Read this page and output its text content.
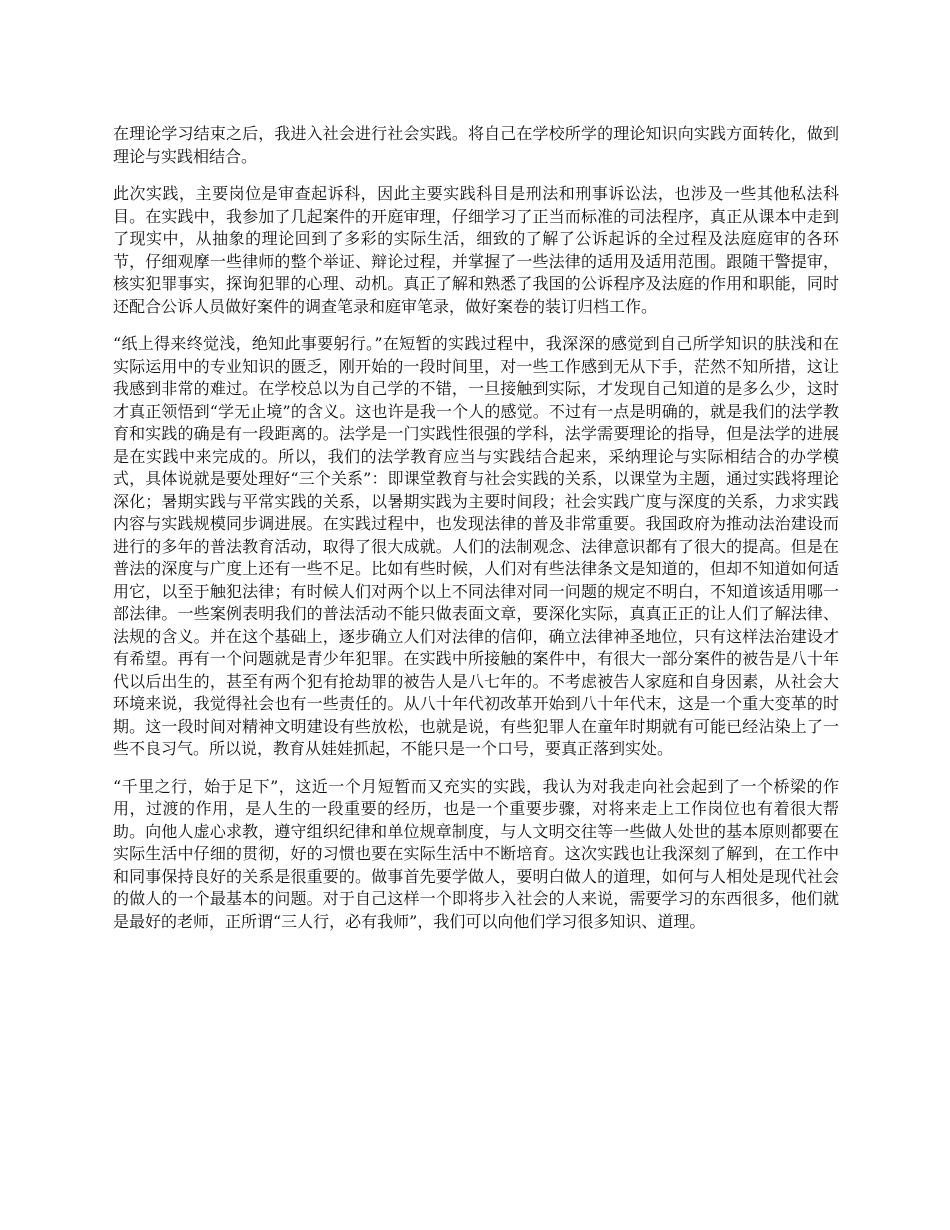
在理论学习结束之后，我进入社会进行社会实践。将自己在学校所学的理论知识向实践方面转化，做到理论与实践相结合。

此次实践，主要岗位是审查起诉科，因此主要实践科目是刑法和刑事诉讼法，也涉及一些其他私法科目。在实践中，我参加了几起案件的开庭审理，仔细学习了正当而标准的司法程序，真正从课本中走到了现实中，从抽象的理论回到了多彩的实际生活，细致的了解了公诉起诉的全过程及法庭庭审的各环节，仔细观摩一些律师的整个举证、辩论过程，并掌握了一些法律的适用及适用范围。跟随干警提审，核实犯罪事实，探询犯罪的心理、动机。真正了解和熟悉了我国的公诉程序及法庭的作用和职能，同时还配合公诉人员做好案件的调查笔录和庭审笔录，做好案卷的装订归档工作。

“纸上得来终觉浅，绝知此事要躬行。”在短暂的实践过程中，我深深的感觉到自己所学知识的肤浅和在实际运用中的专业知识的匮乏，刚开始的一段时间里，对一些工作感到无从下手，茫然不知所措，这让我感到非常的难过。在学校总以为自己学的不错，一旦接触到实际，才发现自己知道的是多么少，这时才真正领悟到“学无止境”的含义。这也许是我一个人的感觉。不过有一点是明确的，就是我们的法学教育和实践的确是有一段距离的。法学是一门实践性很强的学科，法学需要理论的指导，但是法学的进展是在实践中来完成的。所以，我们的法学教育应当与实践结合起来，采纳理论与实际相结合的办学模式，具体说就是要处理好“三个关系”：即课堂教育与社会实践的关系，以课堂为主题，通过实践将理论深化；暑期实践与平常实践的关系，以暑期实践为主要时间段；社会实践广度与深度的关系，力求实践内容与实践规模同步调进展。在实践过程中，也发现法律的普及非常重要。我国政府为推动法治建设而进行的多年的普法教育活动，取得了很大成就。人们的法制观念、法律意识都有了很大的提高。但是在普法的深度与广度上还有一些不足。比如有些时候，人们对有些法律条文是知道的，但却不知道如何适用它，以至于触犯法律；有时候人们对两个以上不同法律对同一问题的规定不明白，不知道该适用哪一部法律。一些案例表明我们的普法活动不能只做表面文章，要深化实际，真真正正的让人们了解法律、法规的含义。并在这个基础上，逐步确立人们对法律的信仰，确立法律神圣地位，只有这样法治建设才有希望。再有一个问题就是青少年犯罪。在实践中所接触的案件中，有很大一部分案件的被告是八十年代以后出生的，甚至有两个犯有抢劫罪的被告人是八七年的。不考虑被告人家庭和自身因素，从社会大环境来说，我觉得社会也有一些责任的。从八十年代初改革开始到八十年代末，这是一个重大变革的时期。这一段时间对精神文明建设有些放松，也就是说，有些犯罪人在童年时期就有可能已经沾染上了一些不良习气。所以说，教育从娃娃抓起，不能只是一个口号，要真正落到实处。

“千里之行，始于足下”，这近一个月短暂而又充实的实践，我认为对我走向社会起到了一个桥梁的作用，过渡的作用，是人生的一段重要的经历，也是一个重要步骤，对将来走上工作岗位也有着很大帮助。向他人虚心求教，遵守组织纪律和单位规章制度，与人文明交往等一些做人处世的基本原则都要在实际生活中仔细的贯彻，好的习惯也要在实际生活中不断培育。这次实践也让我深刻了解到，在工作中和同事保持良好的关系是很重要的。做事首先要学做人，要明白做人的道理，如何与人相处是现代社会的做人的一个最基本的问题。对于自己这样一个即将步入社会的人来说，需要学习的东西很多，他们就是最好的老师，正所谓“三人行，必有我师”，我们可以向他们学习很多知识、道理。
